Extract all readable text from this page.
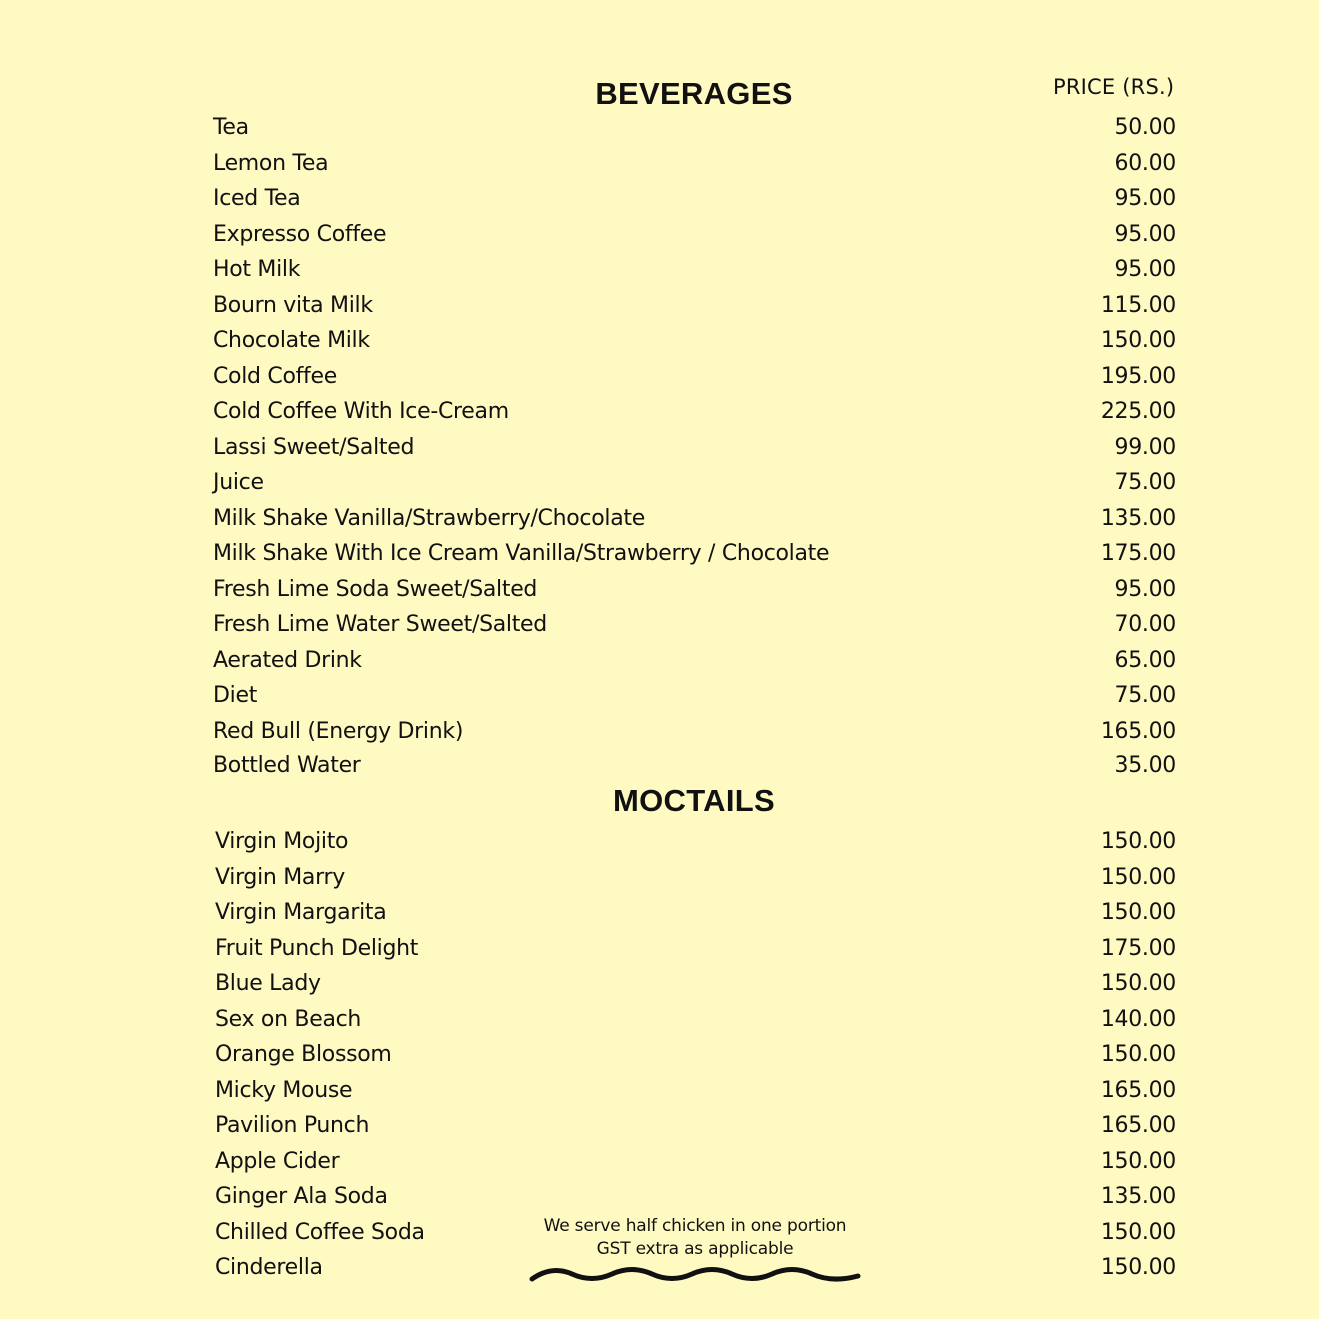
BEVERAGES	PRICE (RS.)
Tea	50.00
Lemon Tea	60.00
Iced Tea	95.00
Expresso Coffee	95.00
Hot Milk	95.00
Bourn vita Milk	115.00
Chocolate Milk	150.00
Cold Coffee	195.00
Cold Coffee With Ice-Cream	225.00
Lassi Sweet/Salted	99.00
Juice	75.00
Milk Shake Vanilla/Strawberry/Chocolate	135.00
Milk Shake With Ice Cream Vanilla/Strawberry / Chocolate	175.00
Fresh Lime Soda Sweet/Salted	95.00
Fresh Lime Water Sweet/Salted	70.00
Aerated Drink	65.00
Diet	75.00
Red Bull (Energy Drink)	165.00
Bottled Water	35.00
MOCTAILS
Virgin Mojito	150.00
Virgin Marry	150.00
Virgin Margarita	150.00
Fruit Punch Delight	175.00
Blue Lady	150.00
Sex on Beach	140.00
Orange Blossom	150.00
Micky Mouse	165.00
Pavilion Punch	165.00
Apple Cider	150.00
Ginger Ala Soda	135.00
Chilled Coffee Soda	150.00
Cinderella	150.00
We serve half chicken in one portion
GST extra as applicable
